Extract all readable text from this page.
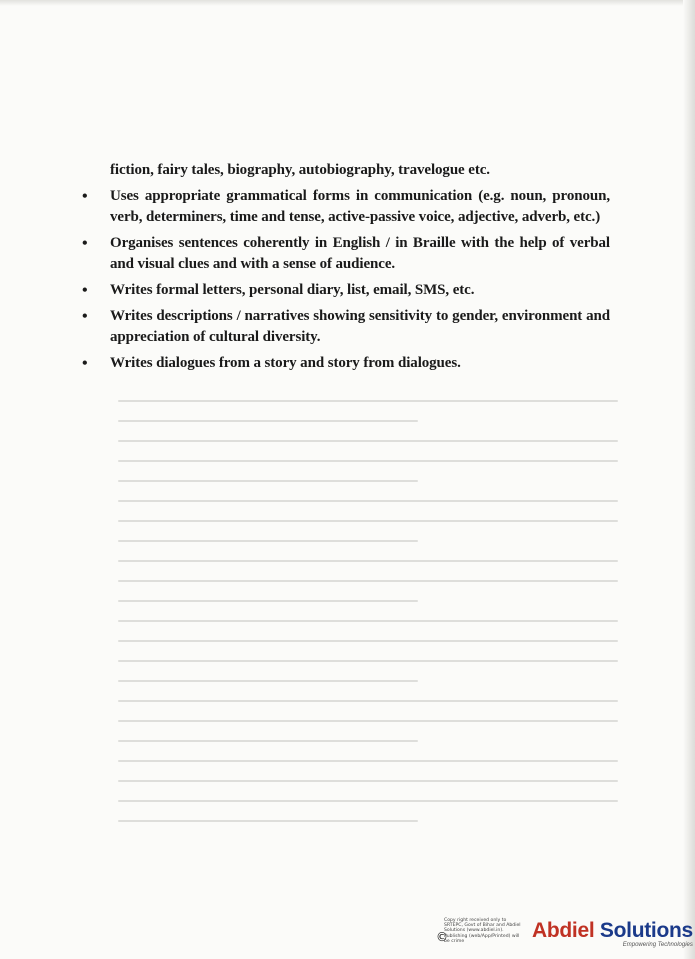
fiction, fairy tales, biography, autobiography, travelogue etc.

•	Uses appropriate grammatical forms in communication (e.g. noun, pronoun, verb, determiners, time and tense, active-passive voice, adjective, adverb, etc.)
•	Organises sentences coherently in English / in Braille with the help of verbal and visual clues and with a sense of audience.
•	Writes formal letters, personal diary, list, email, SMS, etc.
•	Writes descriptions / narratives showing sensitivity to gender, environment and appreciation of cultural diversity.
•	Writes dialogues from a story and story from dialogues.
©
Copy right received only to SRTEPC, Govt of Bihar and Abdiel Solutions (www.abdiel.in). Publishing (web/App/Printed) will be crime	Abdiel Solutions
Empowering Technologies
